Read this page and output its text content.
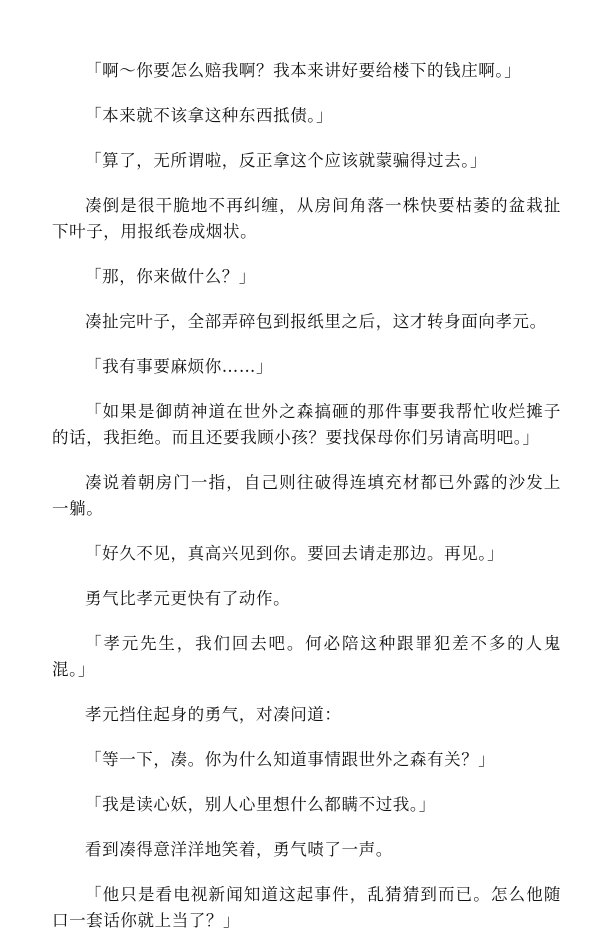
「啊～你要怎么赔我啊？我本来讲好要给楼下的钱庄啊。」

「本来就不该拿这种东西抵债。」

「算了，无所谓啦，反正拿这个应该就蒙骗得过去。」

凑倒是很干脆地不再纠缠，从房间角落一株快要枯萎的盆栽扯下叶子，用报纸卷成烟状。

「那，你来做什么？」

凑扯完叶子，全部弄碎包到报纸里之后，这才转身面向孝元。

「我有事要麻烦你……」

「如果是御荫神道在世外之森搞砸的那件事要我帮忙收烂摊子的话，我拒绝。而且还要我顾小孩？要找保母你们另请高明吧。」

凑说着朝房门一指，自己则往破得连填充材都已外露的沙发上一躺。

「好久不见，真高兴见到你。要回去请走那边。再见。」

勇气比孝元更快有了动作。

「孝元先生，我们回去吧。何必陪这种跟罪犯差不多的人鬼混。」

孝元挡住起身的勇气，对凑问道：

「等一下，凑。你为什么知道事情跟世外之森有关？」

「我是读心妖，别人心里想什么都瞒不过我。」

看到凑得意洋洋地笑着，勇气啧了一声。

「他只是看电视新闻知道这起事件，乱猜猜到而已。怎么他随口一套话你就上当了？」
